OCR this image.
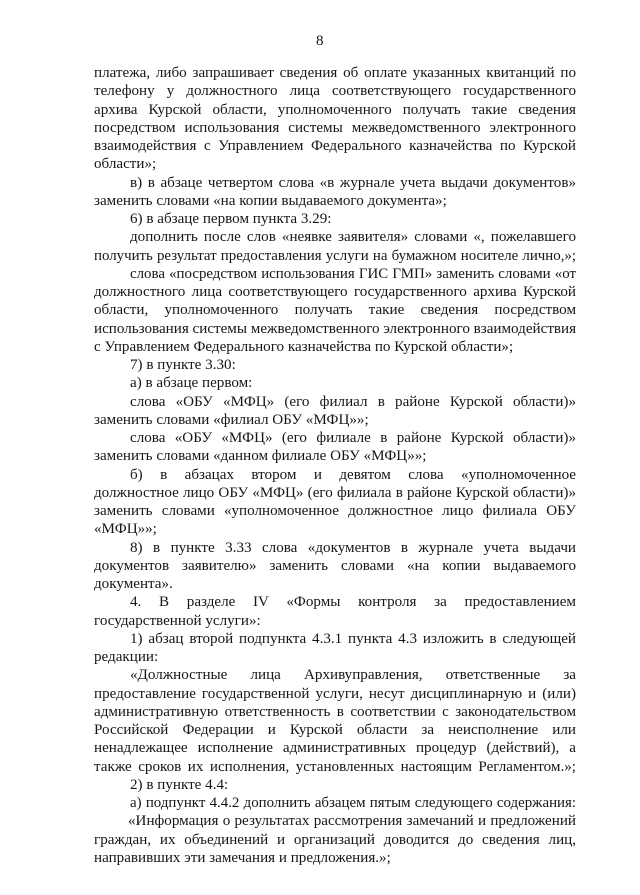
8
платежа, либо запрашивает сведения об оплате указанных квитанций по
телефону у должностного лица соответствующего государственного
архива Курской области, уполномоченного получать такие сведения
посредством использования системы межведомственного электронного
взаимодействия с Управлением Федерального казначейства по Курской
области»;
в) в абзаце четвертом слова «в журнале учета выдачи документов»
заменить словами «на копии выдаваемого документа»;
6) в абзаце первом пункта 3.29:
дополнить после слов «неявке заявителя» словами «, пожелавшего
получить результат предоставления услуги на бумажном носителе лично,»;
слова «посредством использования ГИС ГМП» заменить словами «от
должностного лица соответствующего государственного архива Курской
области, уполномоченного получать такие сведения посредством
использования системы межведомственного электронного взаимодействия
с Управлением Федерального казначейства по Курской области»;
7) в пункте 3.30:
а) в абзаце первом:
слова «ОБУ «МФЦ» (его филиал в районе Курской области)»
заменить словами «филиал ОБУ «МФЦ»»;
слова «ОБУ «МФЦ» (его филиале в районе Курской области)»
заменить словами «данном филиале ОБУ «МФЦ»»;
б) в абзацах втором и девятом слова «уполномоченное
должностное лицо ОБУ «МФЦ» (его филиала в районе Курской области)»
заменить словами «уполномоченное должностное лицо филиала ОБУ
«МФЦ»»;
8) в пункте 3.33 слова «документов в журнале учета выдачи
документов заявителю» заменить словами «на копии выдаваемого
документа».
4. В разделе IV «Формы контроля за предоставлением
государственной услуги»:
1) абзац второй подпункта 4.3.1 пункта 4.3 изложить в следующей
редакции:
«Должностные лица Архивуправления, ответственные за
предоставление государственной услуги, несут дисциплинарную и (или)
административную ответственность в соответствии с законодательством
Российской Федерации и Курской области за неисполнение или
ненадлежащее исполнение административных процедур (действий), а
также сроков их исполнения, установленных настоящим Регламентом.»;
2) в пункте 4.4:
а) подпункт 4.4.2 дополнить абзацем пятым следующего содержания:
«Информация о результатах рассмотрения замечаний и предложений
граждан, их объединений и организаций доводится до сведения лиц,
направивших эти замечания и предложения.»;
